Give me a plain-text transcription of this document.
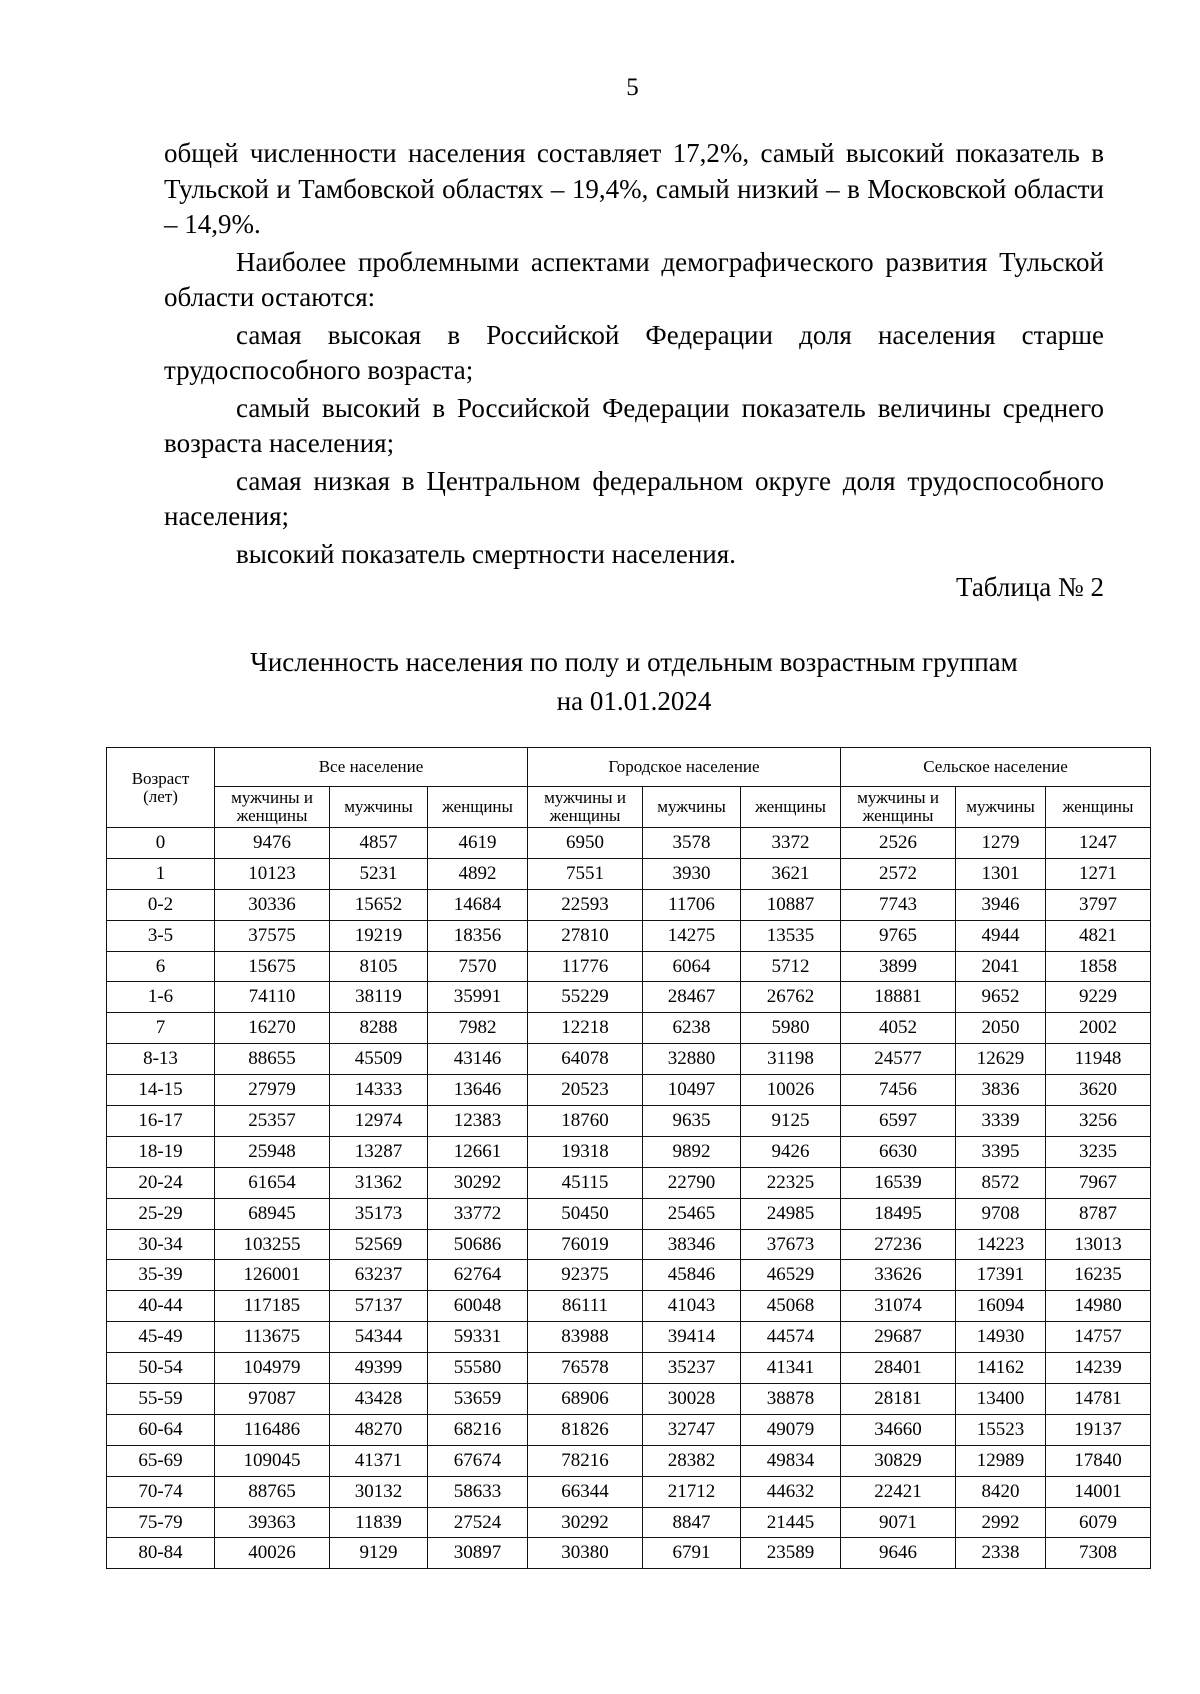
5

общей численности населения составляет 17,2%, самый высокий показатель в Тульской и Тамбовской областях – 19,4%, самый низкий – в Московской области – 14,9%.

Наиболее проблемными аспектами демографического развития Тульской области остаются:

самая высокая в Российской Федерации доля населения старше трудоспособного возраста;

самый высокий в Российской Федерации показатель величины среднего возраста населения;

самая низкая в Центральном федеральном округе доля трудоспособного населения;

высокий показатель смертности населения.

Таблица № 2
Численность населения по полу и отдельным возрастным группам
на 01.01.2024
Возраст (лет)	Все население			Городское население			Сельское население		
	мужчины и женщины	мужчины	женщины	мужчины и женщины	мужчины	женщины	мужчины и женщины	мужчины	женщины
0	9476	4857	4619	6950	3578	3372	2526	1279	1247
1	10123	5231	4892	7551	3930	3621	2572	1301	1271
0-2	30336	15652	14684	22593	11706	10887	7743	3946	3797
3-5	37575	19219	18356	27810	14275	13535	9765	4944	4821
6	15675	8105	7570	11776	6064	5712	3899	2041	1858
1-6	74110	38119	35991	55229	28467	26762	18881	9652	9229
7	16270	8288	7982	12218	6238	5980	4052	2050	2002
8-13	88655	45509	43146	64078	32880	31198	24577	12629	11948
14-15	27979	14333	13646	20523	10497	10026	7456	3836	3620
16-17	25357	12974	12383	18760	9635	9125	6597	3339	3256
18-19	25948	13287	12661	19318	9892	9426	6630	3395	3235
20-24	61654	31362	30292	45115	22790	22325	16539	8572	7967
25-29	68945	35173	33772	50450	25465	24985	18495	9708	8787
30-34	103255	52569	50686	76019	38346	37673	27236	14223	13013
35-39	126001	63237	62764	92375	45846	46529	33626	17391	16235
40-44	117185	57137	60048	86111	41043	45068	31074	16094	14980
45-49	113675	54344	59331	83988	39414	44574	29687	14930	14757
50-54	104979	49399	55580	76578	35237	41341	28401	14162	14239
55-59	97087	43428	53659	68906	30028	38878	28181	13400	14781
60-64	116486	48270	68216	81826	32747	49079	34660	15523	19137
65-69	109045	41371	67674	78216	28382	49834	30829	12989	17840
70-74	88765	30132	58633	66344	21712	44632	22421	8420	14001
75-79	39363	11839	27524	30292	8847	21445	9071	2992	6079
80-84	40026	9129	30897	30380	6791	23589	9646	2338	7308
